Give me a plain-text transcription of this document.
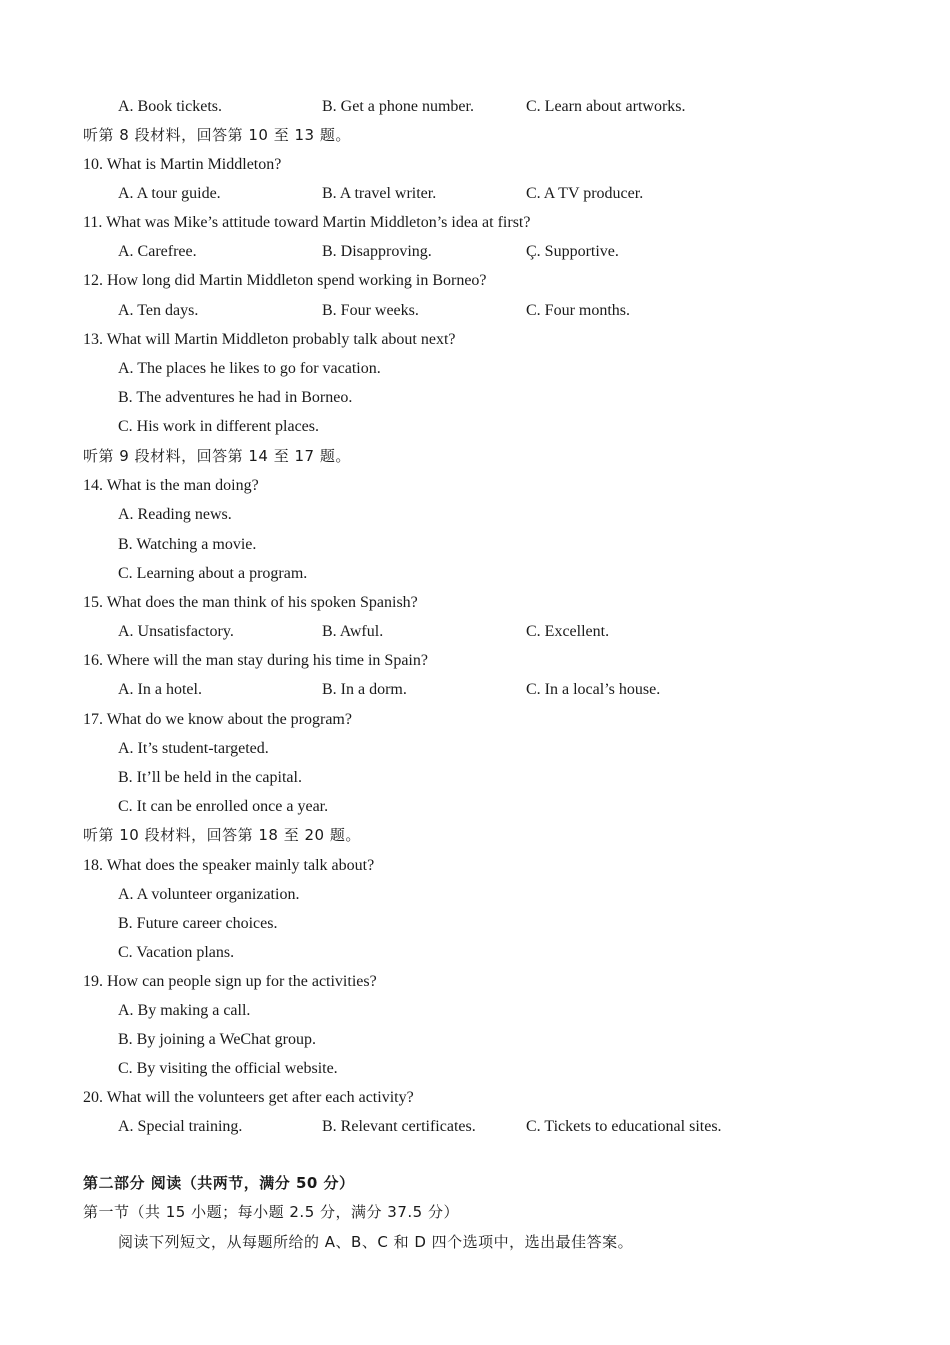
A. Book tickets.	B. Get a phone number.	C. Learn about artworks.
听第 8 段材料，回答第 10 至 13 题。
10. What is Martin Middleton?
A. A tour guide.	B. A travel writer.	C. A TV producer.
11. What was Mike’s attitude toward Martin Middleton’s idea at first?
A. Carefree.	B. Disapproving.	Ç. Supportive.
12. How long did Martin Middleton spend working in Borneo?
A. Ten days.	B. Four weeks.	C. Four months.
13. What will Martin Middleton probably talk about next?
A. The places he likes to go for vacation.
B. The adventures he had in Borneo.
C. His work in different places.
听第 9 段材料，回答第 14 至 17 题。
14. What is the man doing?
A. Reading news.
B. Watching a movie.
C. Learning about a program.
15. What does the man think of his spoken Spanish?
A. Unsatisfactory.	B. Awful.	C. Excellent.
16. Where will the man stay during his time in Spain?
A. In a hotel.	B. In a dorm.	C. In a local’s house.
17. What do we know about the program?
A. It’s student-targeted.
B. It’ll be held in the capital.
C. It can be enrolled once a year.
听第 10 段材料，回答第 18 至 20 题。
18. What does the speaker mainly talk about?
A. A volunteer organization.
B. Future career choices.
C. Vacation plans.
19. How can people sign up for the activities?
A. By making a call.
B. By joining a WeChat group.
C. By visiting the official website.
20. What will the volunteers get after each activity?
A. Special training.	B. Relevant certificates.	C. Tickets to educational sites.
第二部分 阅读（共两节，满分 50 分）
第一节（共 15 小题；每小题 2.5 分，满分 37.5 分）
阅读下列短文，从每题所给的 A、B、C 和 D 四个选项中，选出最佳答案。
